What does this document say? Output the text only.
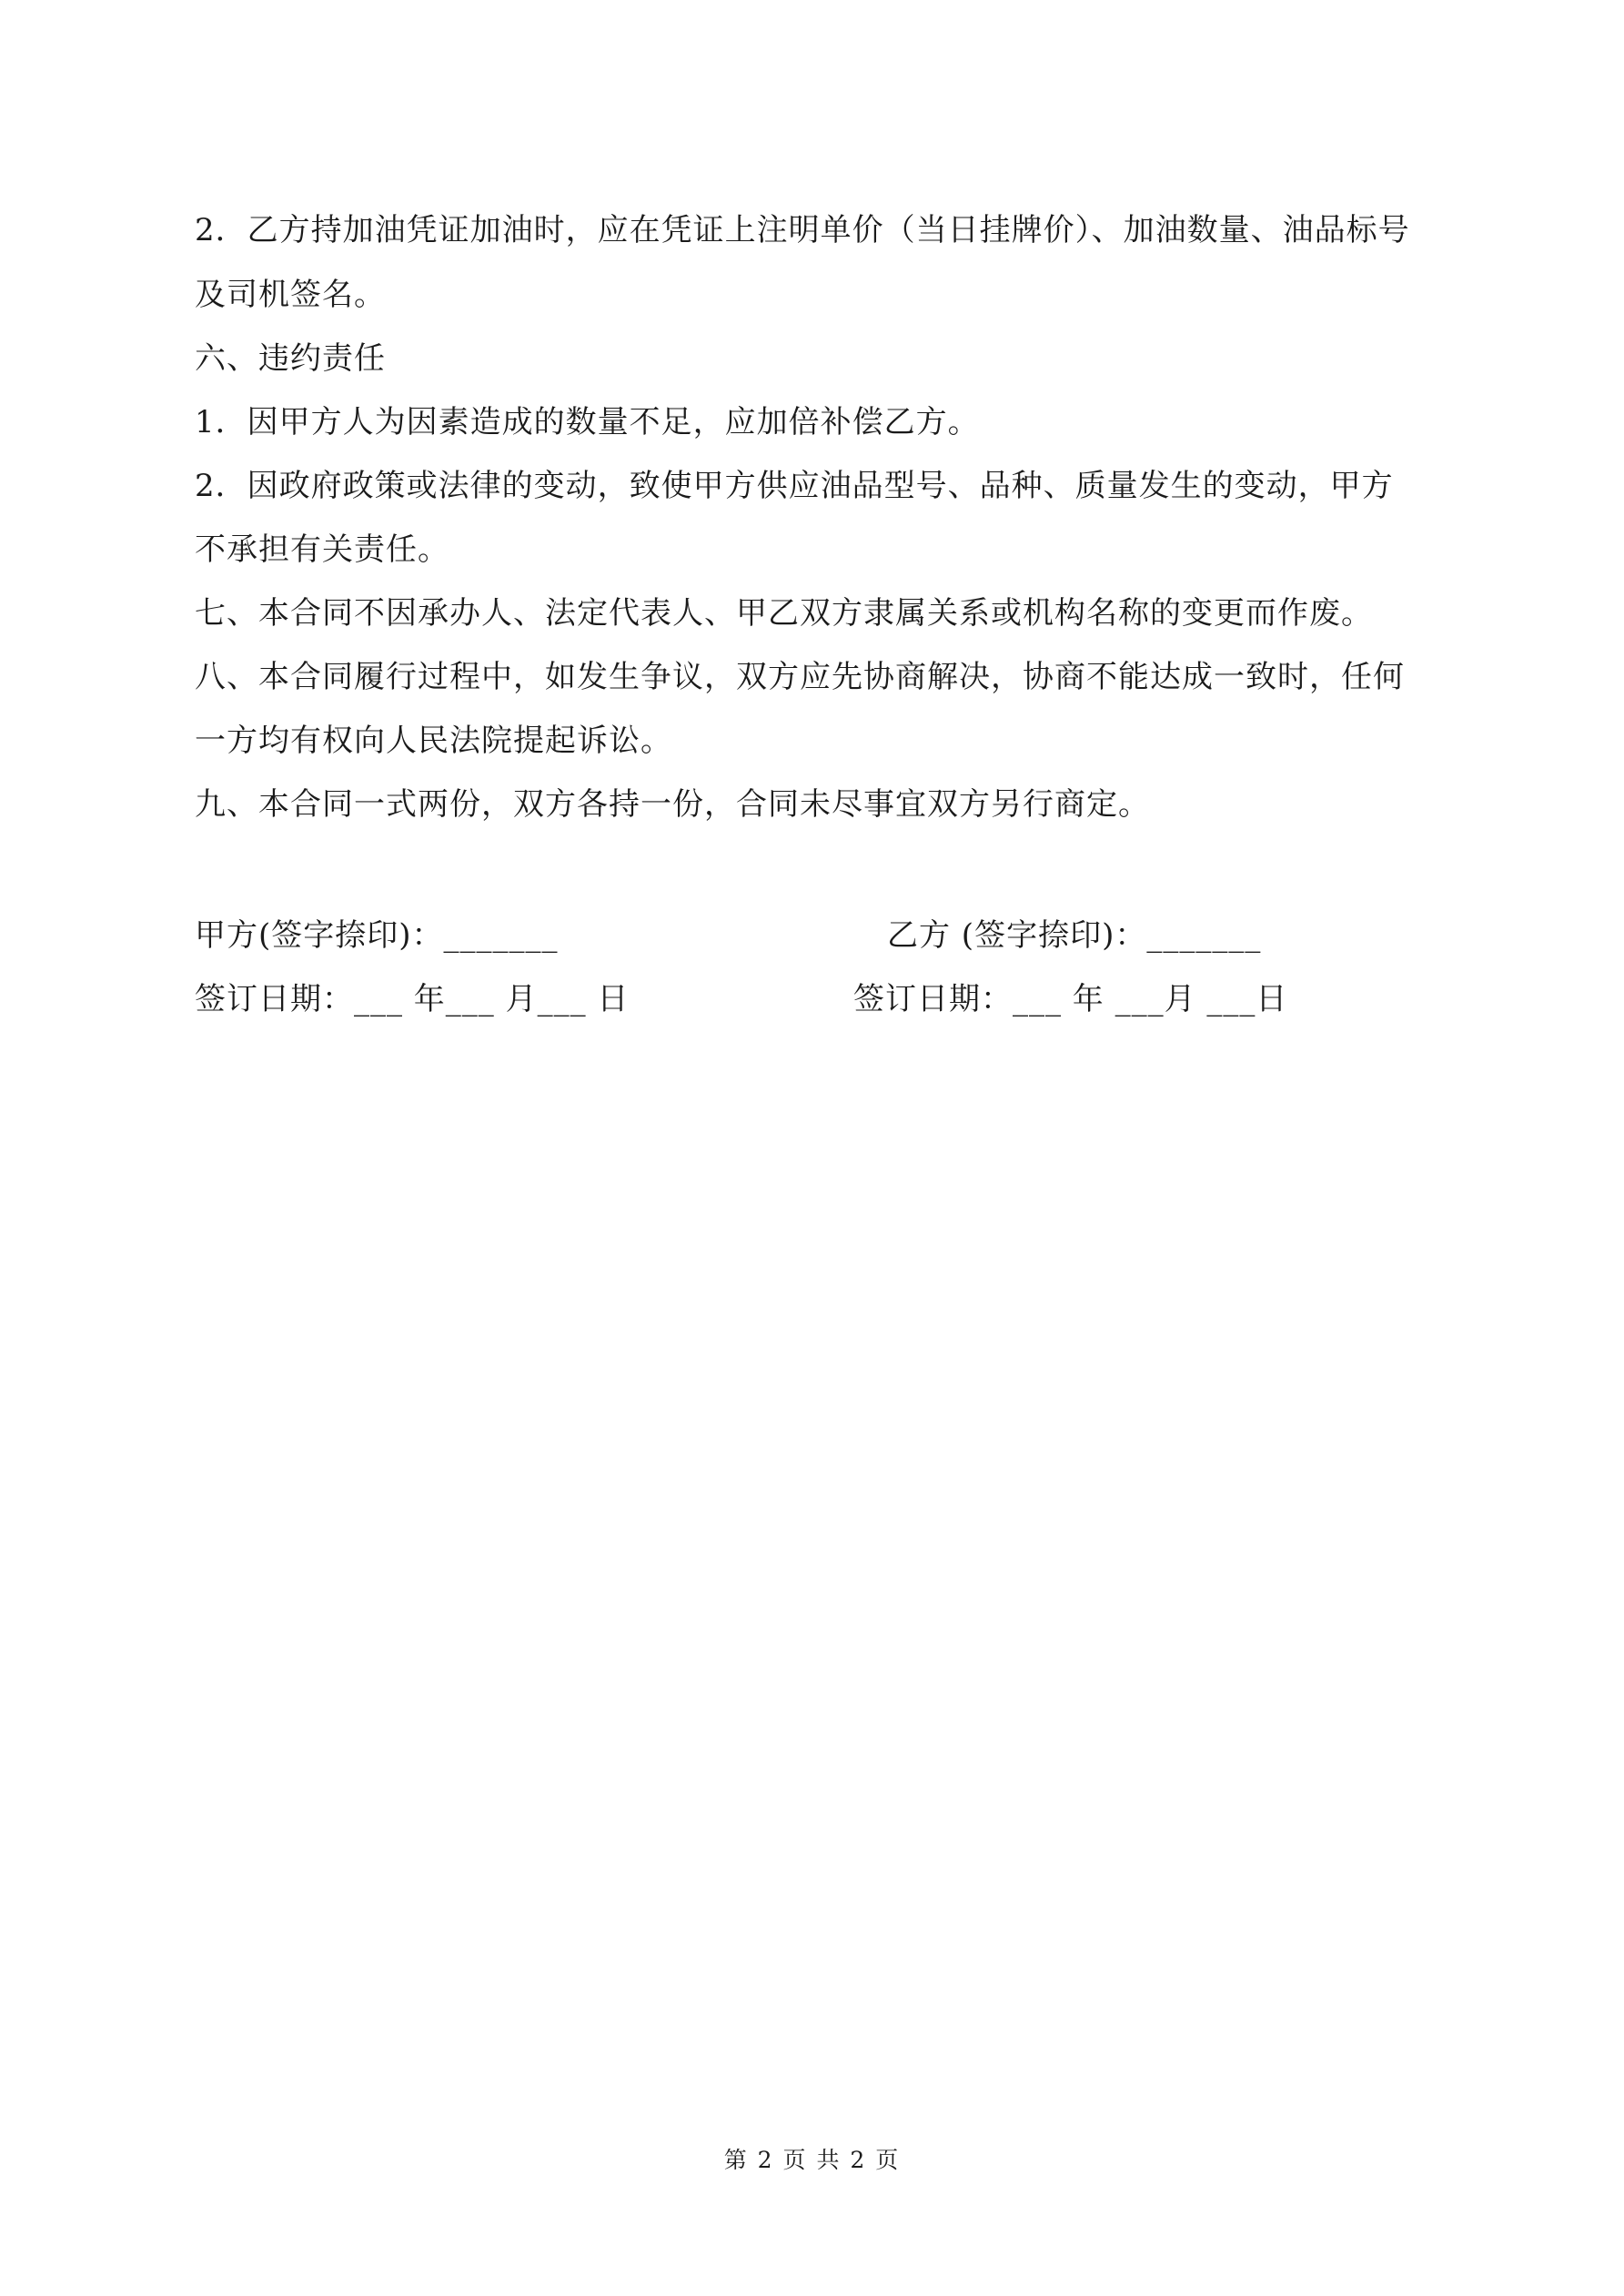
2．乙方持加油凭证加油时，应在凭证上注明单价（当日挂牌价）、加油数量、油品标号
及司机签名。
六、违约责任
1．因甲方人为因素造成的数量不足，应加倍补偿乙方。
2．因政府政策或法律的变动，致使甲方供应油品型号、品种、质量发生的变动，甲方
不承担有关责任。
七、本合同不因承办人、法定代表人、甲乙双方隶属关系或机构名称的变更而作废。
八、本合同履行过程中，如发生争议，双方应先协商解决，协商不能达成一致时，任何
一方均有权向人民法院提起诉讼。
九、本合同一式两份，双方各持一份，合同未尽事宜双方另行商定。
甲方(签字捺印)：_______	乙方 (签字捺印)：_______
签订日期：___ 年___ 月___ 日	签订日期：___ 年 ___月 ___日
第 2 页 共 2 页
